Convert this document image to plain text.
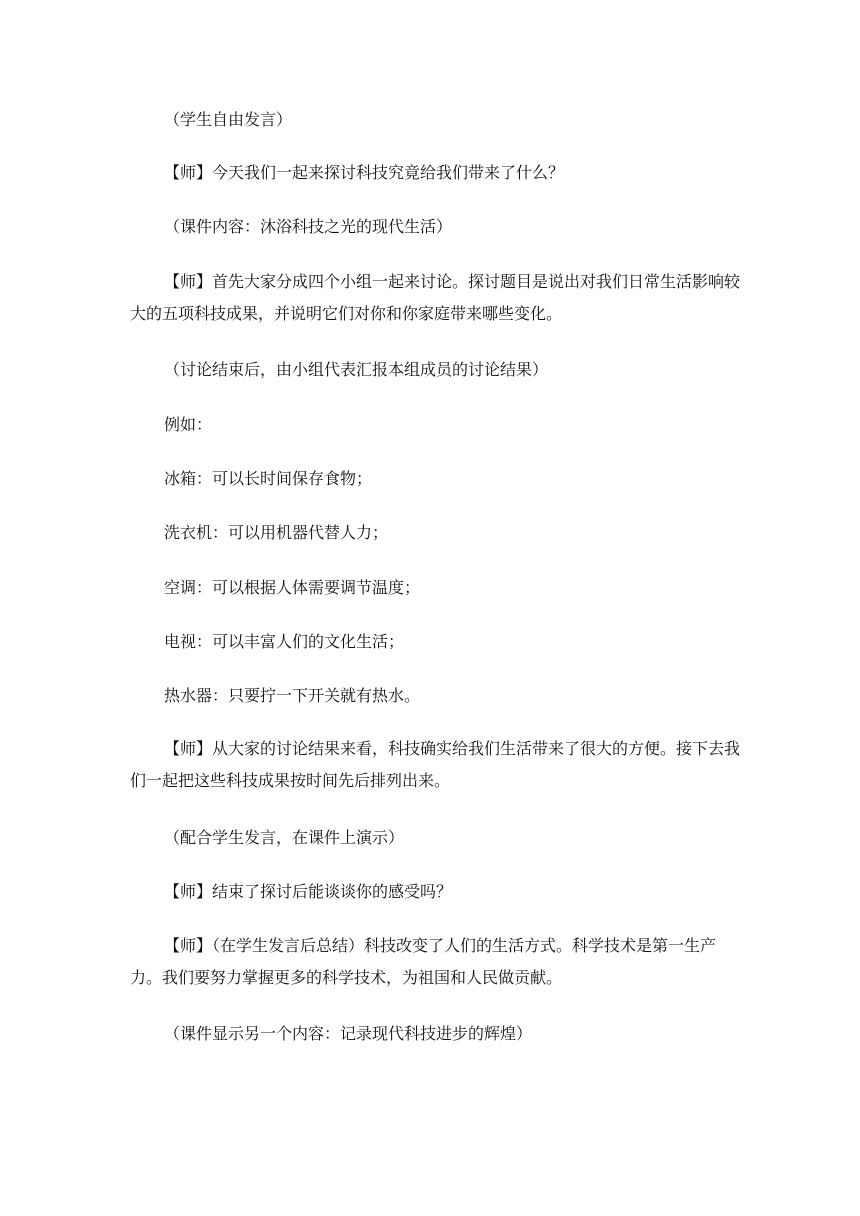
（学生自由发言）

【师】今天我们一起来探讨科技究竟给我们带来了什么？

（课件内容：沐浴科技之光的现代生活）

【师】首先大家分成四个小组一起来讨论。探讨题目是说出对我们日常生活影响较大的五项科技成果，并说明它们对你和你家庭带来哪些变化。

（讨论结束后，由小组代表汇报本组成员的讨论结果）

例如：

冰箱：可以长时间保存食物；

洗衣机：可以用机器代替人力；

空调：可以根据人体需要调节温度；

电视：可以丰富人们的文化生活；

热水器：只要拧一下开关就有热水。

【师】从大家的讨论结果来看，科技确实给我们生活带来了很大的方便。接下去我们一起把这些科技成果按时间先后排列出来。

（配合学生发言，在课件上演示）

【师】结束了探讨后能谈谈你的感受吗？

【师】（在学生发言后总结）科技改变了人们的生活方式。科学技术是第一生产力。我们要努力掌握更多的科学技术，为祖国和人民做贡献。

（课件显示另一个内容：记录现代科技进步的辉煌）
